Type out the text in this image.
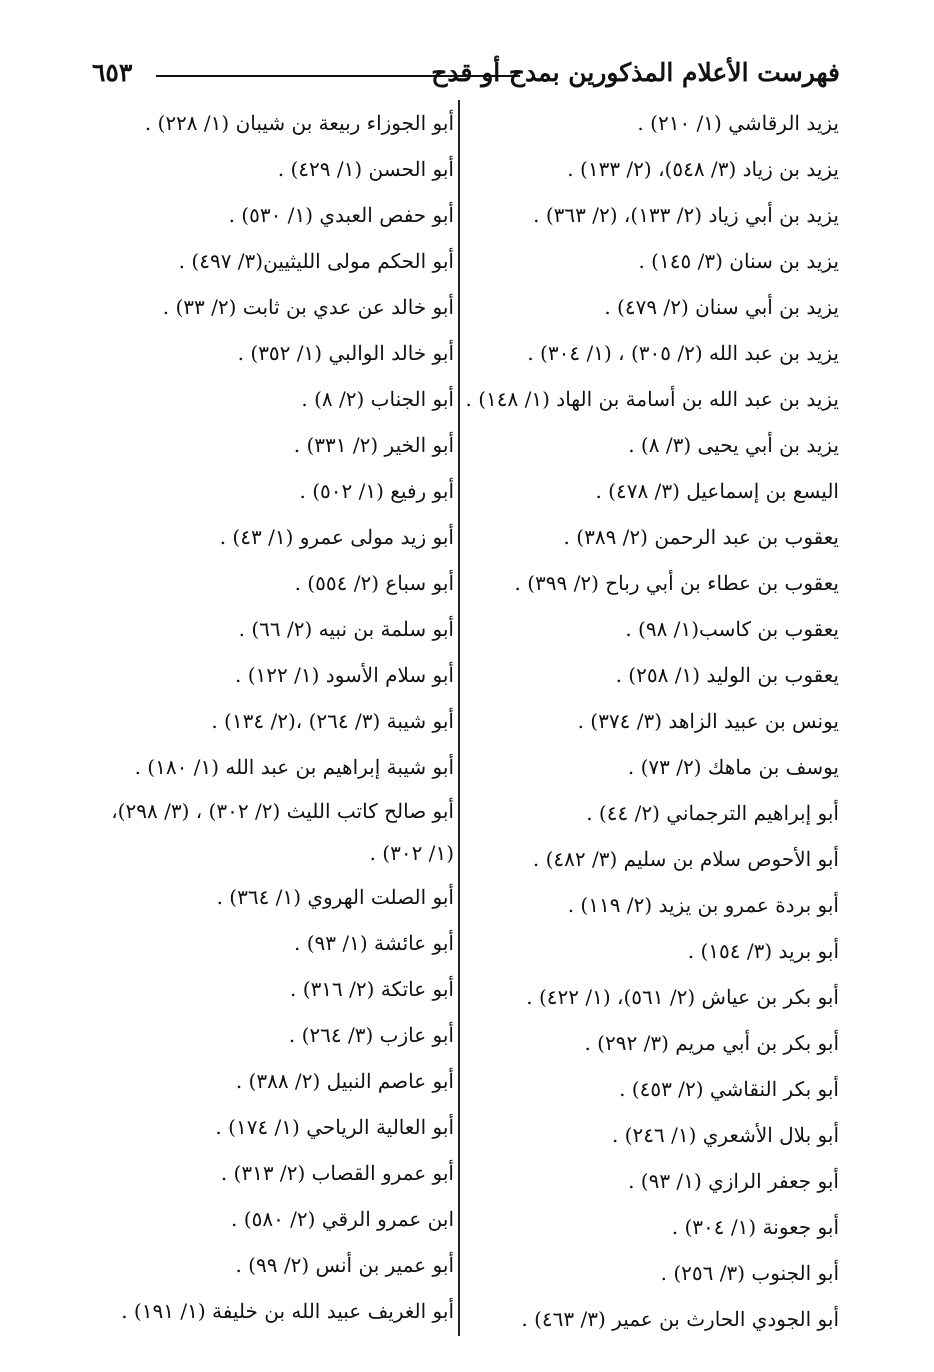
فهرست الأعلام المذكورين بمدح أو قدح
٦٥٣
يزيد الرقاشي (١/ ٢١٠) .
يزيد بن زياد (٣/ ٥٤٨)، (٢/ ١٣٣) .
يزيد بن أبي زياد (٢/ ١٣٣)، (٢/ ٣٦٣) .
يزيد بن سنان (٣/ ١٤٥) .
يزيد بن أبي سنان (٢/ ٤٧٩) .
يزيد بن عبد الله (٢/ ٣٠٥) ، (١/ ٣٠٤) .
يزيد بن عبد الله بن أسامة بن الهاد (١/ ١٤٨) .
يزيد بن أبي يحيى (٣/ ٨) .
اليسع بن إسماعيل (٣/ ٤٧٨) .
يعقوب بن عبد الرحمن (٢/ ٣٨٩) .
يعقوب بن عطاء بن أبي رباح (٢/ ٣٩٩) .
يعقوب بن كاسب(١/ ٩٨) .
يعقوب بن الوليد (١/ ٢٥٨) .
يونس بن عبيد الزاهد (٣/ ٣٧٤) .
يوسف بن ماهك (٢/ ٧٣) .
أبو إبراهيم الترجماني (٢/ ٤٤) .
أبو الأحوص سلام بن سليم (٣/ ٤٨٢) .
أبو بردة عمرو بن يزيد (٢/ ١١٩) .
أبو بريد (٣/ ١٥٤) .
أبو بكر بن عياش (٢/ ٥٦١)، (١/ ٤٢٢) .
أبو بكر بن أبي مريم (٣/ ٢٩٢) .
أبو بكر النقاشي (٢/ ٤٥٣) .
أبو بلال الأشعري (١/ ٢٤٦) .
أبو جعفر الرازي (١/ ٩٣) .
أبو جعونة (١/ ٣٠٤) .
أبو الجنوب (٣/ ٢٥٦) .
أبو الجودي الحارث بن عمير (٣/ ٤٦٣) .
أبو الجوزاء ربيعة بن شيبان (١/ ٢٢٨) .
أبو الحسن (١/ ٤٢٩) .
أبو حفص العبدي (١/ ٥٣٠) .
أبو الحكم مولى الليثيين(٣/ ٤٩٧) .
أبو خالد عن عدي بن ثابت (٢/ ٣٣) .
أبو خالد الوالبي (١/ ٣٥٢) .
أبو الجناب (٢/ ٨) .
أبو الخير (٢/ ٣٣١) .
أبو رفيع (١/ ٥٠٢) .
أبو زيد مولى عمرو (١/ ٤٣) .
أبو سباع (٢/ ٥٥٤) .
أبو سلمة بن نبيه (٢/ ٦٦) .
أبو سلام الأسود (١/ ١٢٢) .
أبو شيبة (٣/ ٢٦٤) ،(٢/ ١٣٤) .
أبو شيبة إبراهيم بن عبد الله (١/ ١٨٠) .
أبو صالح كاتب الليث (٢/ ٣٠٢) ، (٣/ ٢٩٨)، (١/ ٣٠٢) .
أبو الصلت الهروي (١/ ٣٦٤) .
أبو عائشة (١/ ٩٣) .
أبو عاتكة (٢/ ٣١٦) .
أبو عازب (٣/ ٢٦٤) .
أبو عاصم النبيل (٢/ ٣٨٨) .
أبو العالية الرياحي (١/ ١٧٤) .
أبو عمرو القصاب (٢/ ٣١٣) .
ابن عمرو الرقي (٢/ ٥٨٠) .
أبو عمير بن أنس (٢/ ٩٩) .
أبو الغريف عبيد الله بن خليفة (١/ ١٩١) .
